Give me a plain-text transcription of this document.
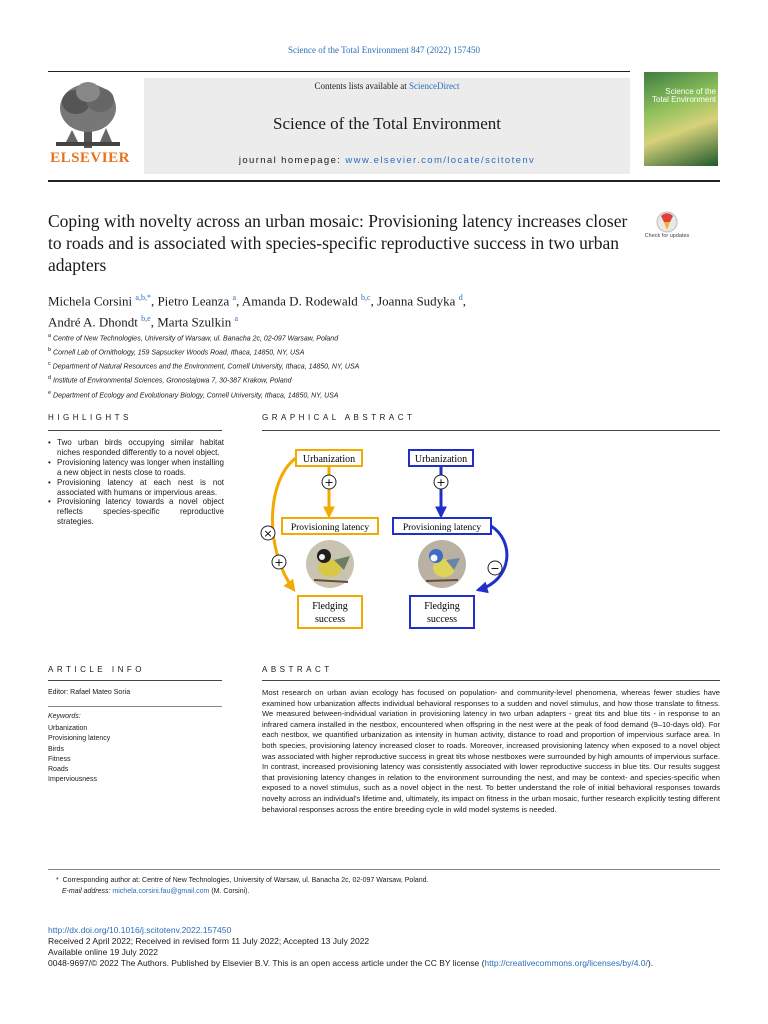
Science of the Total Environment 847 (2022) 157450
ELSEVIER
Contents lists available at ScienceDirect
Science of the Total Environment
journal homepage: www.elsevier.com/locate/scitotenv
Science of the Total Environment
Coping with novelty across an urban mosaic: Provisioning latency increases closer to roads and is associated with species-specific reproductive success in two urban adapters
Check for updates
Michela Corsini $^{a,b,*}$, Pietro Leanza $^a$, Amanda D. Rodewald $^{b,c}$, Joanna Sudyka $^d$,
André A. Dhondt $^{b,e}$, Marta Szulkin $^a$
$^a$ Centre of New Technologies, University of Warsaw, ul. Banacha 2c, 02-097 Warsaw, Poland
$^b$ Cornell Lab of Ornithology, 159 Sapsucker Woods Road, Ithaca, 14850, NY, USA
$^c$ Department of Natural Resources and the Environment, Cornell University, Ithaca, 14850, NY, USA
$^d$ Institute of Environmental Sciences, Gronostajowa 7, 30-387 Krakow, Poland
$^e$ Department of Ecology and Evolutionary Biology, Cornell University, Ithaca, 14850, NY, USA
HIGHLIGHTS
• Two urban birds occupying similar habitat niches responded differently to a novel object.
• Provisioning latency was longer when installing a new object in nests close to roads.
• Provisioning latency at each nest is not associated with humans or impervious areas.
• Provisioning latency towards a novel object reflects species-specific reproductive strategies.
GRAPHICAL ABSTRACT
Urbanization
+
Provisioning latency
×
+
Fledging
success
Urbanization
+
Provisioning latency
−
Fledging
success
ARTICLE INFO
Editor: Rafael Mateo Soria
Keywords:
Urbanization
Provisioning latency
Birds
Fitness
Roads
Imperviousness
ABSTRACT
Most research on urban avian ecology has focused on population- and community-level phenomena, whereas fewer studies have examined how urbanization affects individual behavioral responses to a sudden and novel stimulus, and how those translate to fitness. We measured between-individual variation in provisioning latency in two urban adapters - great tits and blue tits - in response to an infrared camera installed in the nestbox, encountered when offspring in the nest were at the peak of food demand (9–10-days old). For each nestbox, we quantified urbanization as intensity in human activity, distance to road and proportion of impervious surface area. In both species, provisioning latency increased closer to roads. Moreover, increased provisioning latency when exposed to a novel object was associated with higher reproductive success in great tits whose nestboxes were surrounded by high amounts of impervious surface. In contrast, increased provisioning latency was consistently associated with lower reproductive success in blue tits. Our results suggest that provisioning latency changes in relation to the environment surrounding the nest, and may be context- and species-specific when exposed to a novel stimulus, such as a novel object in the nest. To better understand the role of initial behavioral responses towards novelty across an individual's lifetime and, ultimately, its impact on fitness in the urban mosaic, further research explicitly testing different behavioral responses across the entire breeding cycle in wild model systems is needed.
* Corresponding author at: Centre of New Technologies, University of Warsaw, ul. Banacha 2c, 02-097 Warsaw, Poland.
E-mail address: michela.corsini.fau@gmail.com (M. Corsini).
http://dx.doi.org/10.1016/j.scitotenv.2022.157450
Received 2 April 2022; Received in revised form 11 July 2022; Accepted 13 July 2022
Available online 19 July 2022
0048-9697/© 2022 The Authors. Published by Elsevier B.V. This is an open access article under the CC BY license (http://creativecommons.org/licenses/by/4.0/).
